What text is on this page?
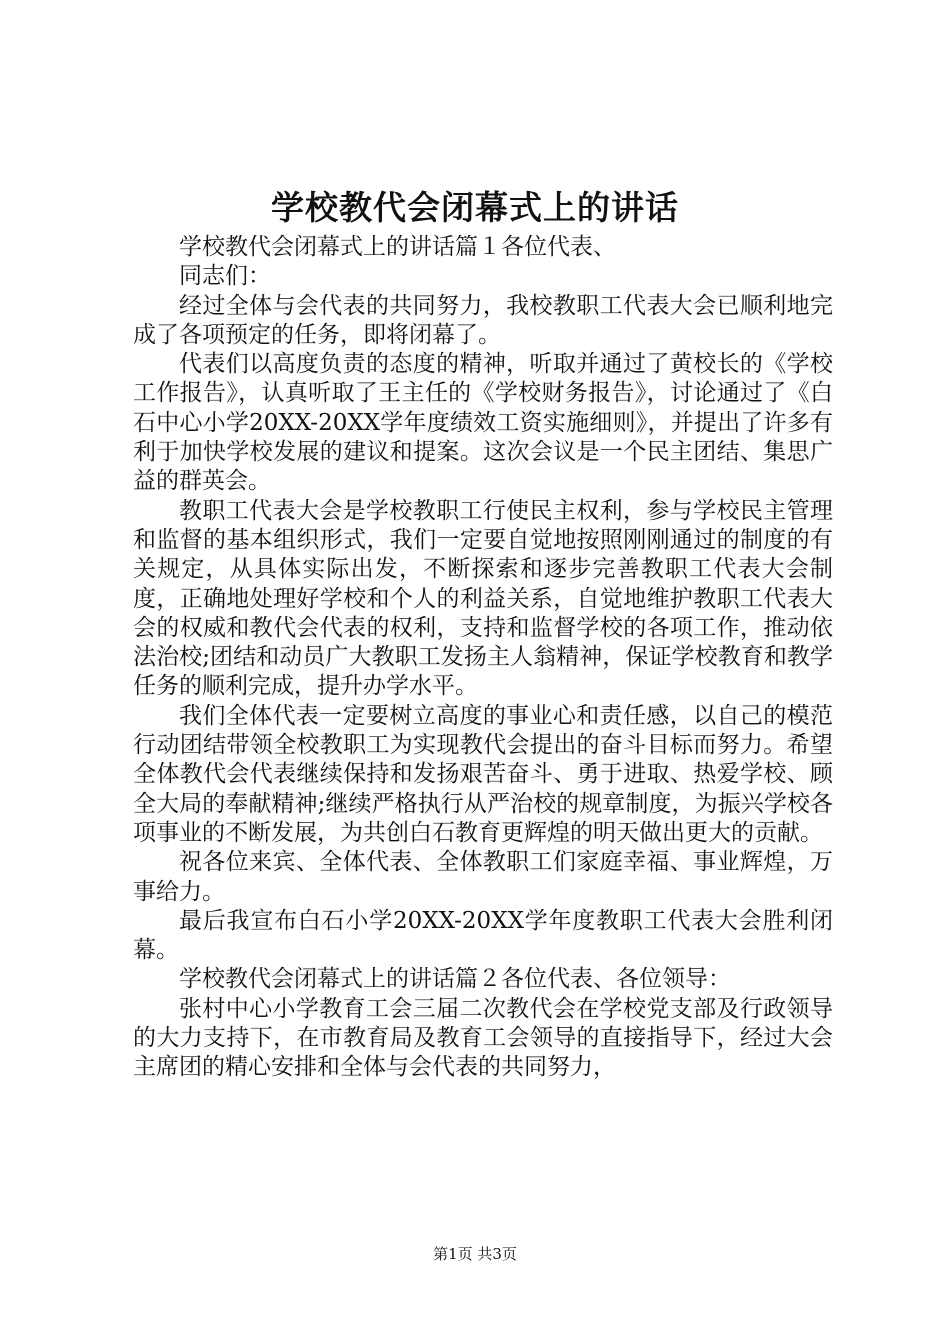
学校教代会闭幕式上的讲话

学校教代会闭幕式上的讲话篇１各位代表、

同志们：

经过全体与会代表的共同努力，我校教职工代表大会已顺利地完成了各项预定的任务，即将闭幕了。

代表们以高度负责的态度的精神，听取并通过了黄校长的《学校工作报告》，认真听取了王主任的《学校财务报告》，讨论通过了《白石中心小学20XX-20XX学年度绩效工资实施细则》，并提出了许多有利于加快学校发展的建议和提案。这次会议是一个民主团结、集思广益的群英会。

教职工代表大会是学校教职工行使民主权利，参与学校民主管理和监督的基本组织形式，我们一定要自觉地按照刚刚通过的制度的有关规定，从具体实际出发，不断探索和逐步完善教职工代表大会制度，正确地处理好学校和个人的利益关系，自觉地维护教职工代表大会的权威和教代会代表的权利，支持和监督学校的各项工作，推动依法治校;团结和动员广大教职工发扬主人翁精神，保证学校教育和教学任务的顺利完成，提升办学水平。

我们全体代表一定要树立高度的事业心和责任感，以自己的模范行动团结带领全校教职工为实现教代会提出的奋斗目标而努力。希望全体教代会代表继续保持和发扬艰苦奋斗、勇于进取、热爱学校、顾全大局的奉献精神;继续严格执行从严治校的规章制度，为振兴学校各项事业的不断发展，为共创白石教育更辉煌的明天做出更大的贡献。

祝各位来宾、全体代表、全体教职工们家庭幸福、事业辉煌，万事给力。

最后我宣布白石小学20XX-20XX学年度教职工代表大会胜利闭幕。

学校教代会闭幕式上的讲话篇２各位代表、各位领导：

张村中心小学教育工会三届二次教代会在学校党支部及行政领导的大力支持下，在市教育局及教育工会领导的直接指导下，经过大会主席团的精心安排和全体与会代表的共同努力，

第1页 共3页
